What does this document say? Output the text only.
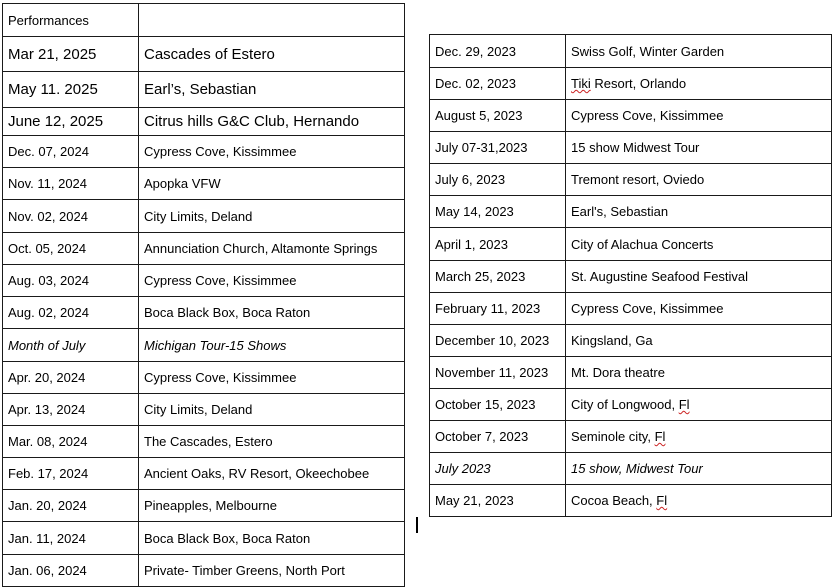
Performances	
Mar 21, 2025	Cascades of Estero
May 11. 2025	Earl’s, Sebastian
June 12, 2025	Citrus hills G&C Club, Hernando
Dec. 07, 2024	Cypress Cove, Kissimmee
Nov. 11, 2024	Apopka VFW
Nov. 02, 2024	City Limits, Deland
Oct. 05, 2024	Annunciation Church, Altamonte Springs
Aug. 03, 2024	Cypress Cove, Kissimmee
Aug. 02, 2024	Boca Black Box, Boca Raton
Month of July	Michigan Tour-15 Shows
Apr. 20, 2024	Cypress Cove, Kissimmee
Apr. 13, 2024	City Limits, Deland
Mar. 08, 2024	The Cascades, Estero
Feb. 17, 2024	Ancient Oaks, RV Resort, Okeechobee
Jan. 20, 2024	Pineapples, Melbourne
Jan. 11, 2024	Boca Black Box, Boca Raton
Jan. 06, 2024	Private- Timber Greens, North Port
Dec. 29, 2023	Swiss Golf, Winter Garden
Dec. 02, 2023	Tiki Resort, Orlando
August 5, 2023	Cypress Cove, Kissimmee
July 07-31,2023	15 show Midwest Tour
July 6, 2023	Tremont resort, Oviedo
May 14, 2023	Earl's, Sebastian
April 1, 2023	City of Alachua Concerts
March 25, 2023	St. Augustine Seafood Festival
February 11, 2023	Cypress Cove, Kissimmee
December 10, 2023	Kingsland, Ga
November 11, 2023	Mt. Dora theatre
October 15, 2023	City of Longwood, Fl
October 7, 2023	Seminole city, Fl
July 2023	15 show, Midwest Tour
May 21, 2023	Cocoa Beach, Fl
